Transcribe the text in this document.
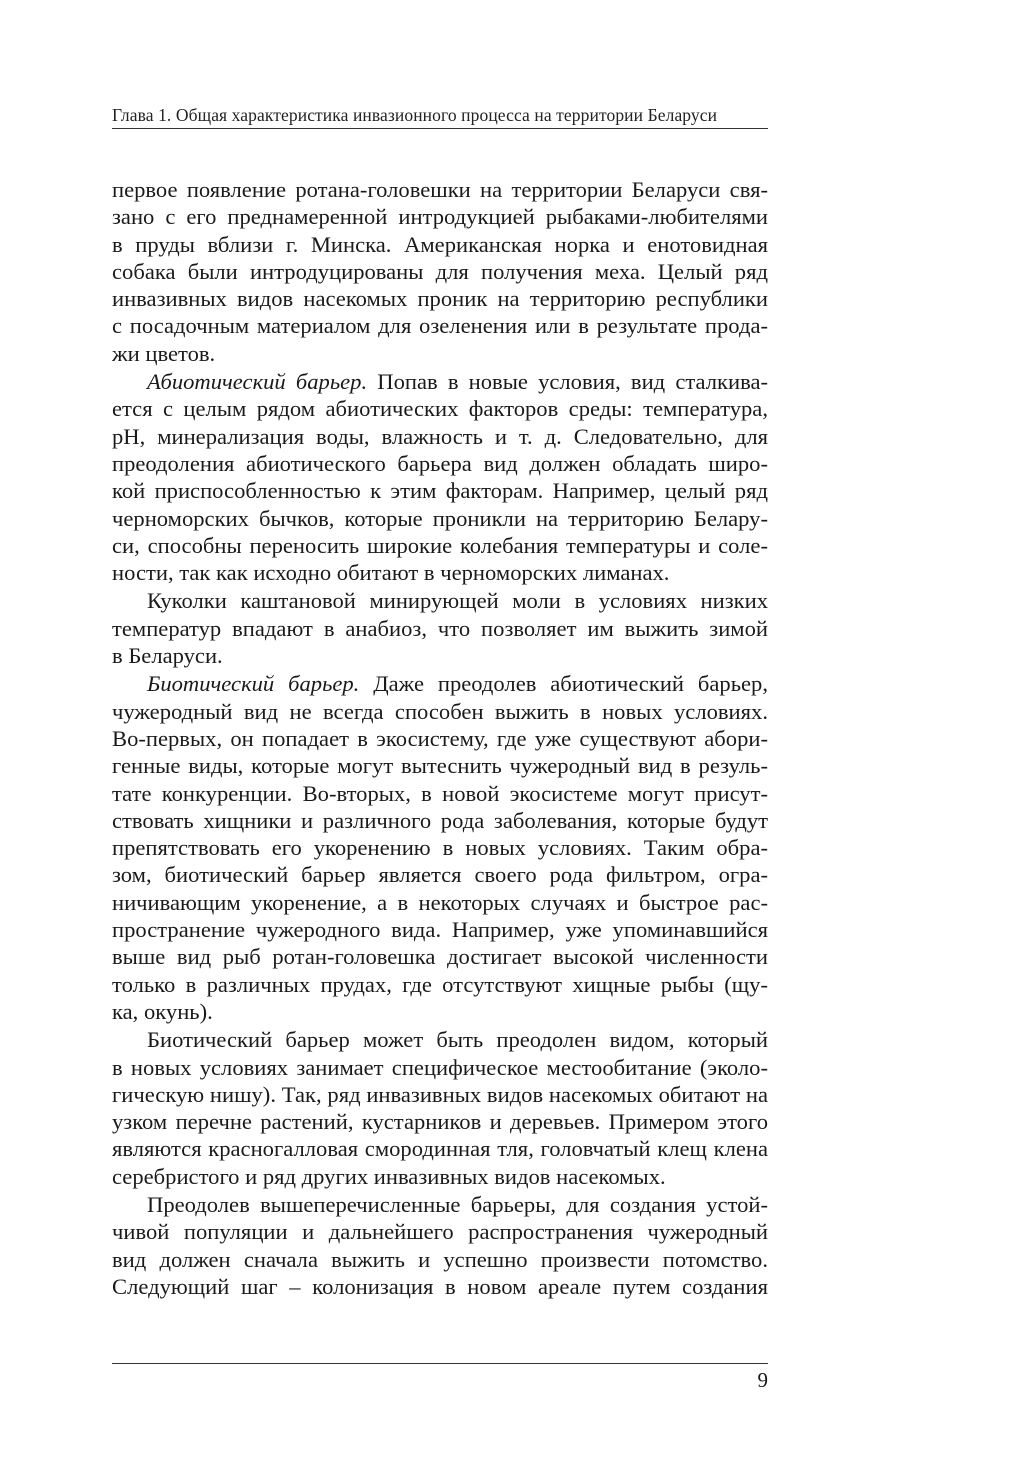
Глава 1. Общая характеристика инвазионного процесса на территории Беларуси
первое появление ротана-головешки на территории Беларуси свя-
зано с его преднамеренной интродукцией рыбаками-любителями
в пруды вблизи г. Минска. Американская норка и енотовидная
собака были интродуцированы для получения меха. Целый ряд
инвазивных видов насекомых проник на территорию республики
с посадочным материалом для озеленения или в результате прода-
жи цветов.
Абиотический барьер. Попав в новые условия, вид сталкива-
ется с целым рядом абиотических факторов среды: температура,
pH, минерализация воды, влажность и т. д. Следовательно, для
преодоления абиотического барьера вид должен обладать широ-
кой приспособленностью к этим факторам. Например, целый ряд
черноморских бычков, которые проникли на территорию Белару-
си, способны переносить широкие колебания температуры и соле-
ности, так как исходно обитают в черноморских лиманах.
Куколки каштановой минирующей моли в условиях низких
температур впадают в анабиоз, что позволяет им выжить зимой
в Беларуси.
Биотический барьер. Даже преодолев абиотический барьер,
чужеродный вид не всегда способен выжить в новых условиях.
Во-первых, он попадает в экосистему, где уже существуют абори-
генные виды, которые могут вытеснить чужеродный вид в резуль-
тате конкуренции. Во-вторых, в новой экосистеме могут присут-
ствовать хищники и различного рода заболевания, которые будут
препятствовать его укоренению в новых условиях. Таким обра-
зом, биотический барьер является своего рода фильтром, огра-
ничивающим укоренение, а в некоторых случаях и быстрое рас-
пространение чужеродного вида. Например, уже упоминавшийся
выше вид рыб ротан-головешка достигает высокой численности
только в различных прудах, где отсутствуют хищные рыбы (щу-
ка, окунь).
Биотический барьер может быть преодолен видом, который
в новых условиях занимает специфическое местообитание (эколо-
гическую нишу). Так, ряд инвазивных видов насекомых обитают на
узком перечне растений, кустарников и деревьев. Примером этого
являются красногалловая смородинная тля, головчатый клещ клена
серебристого и ряд других инвазивных видов насекомых.
Преодолев вышеперечисленные барьеры, для создания устой-
чивой популяции и дальнейшего распространения чужеродный
вид должен сначала выжить и успешно произвести потомство.
Следующий шаг – колонизация в новом ареале путем создания
9
